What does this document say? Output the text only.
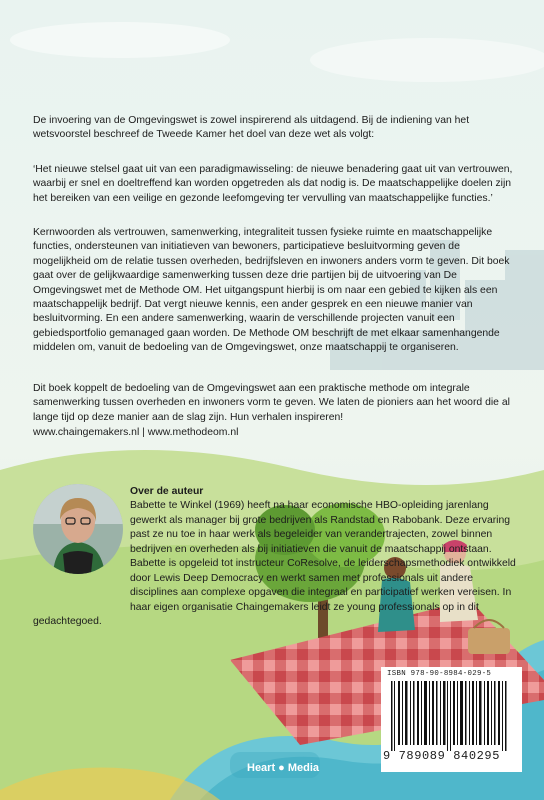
De invoering van de Omgevingswet is zowel inspirerend als uitdagend. Bij de indiening van het wetsvoorstel beschreef de Tweede Kamer het doel van deze wet als volgt:

‘Het nieuwe stelsel gaat uit van een paradigmawisseling: de nieuwe benadering gaat uit van vertrouwen, waarbij er snel en doeltreffend kan worden opgetreden als dat nodig is. De maatschappelijke doelen zijn het bereiken van een veilige en gezonde leefomgeving ter vervulling van maatschappelijke functies.’

Kernwoorden als vertrouwen, samenwerking, integraliteit tussen fysieke ruimte en maatschappelijke functies, ondersteunen van initiatieven van bewoners, participatieve besluitvorming geven de mogelijkheid om de relatie tussen overheden, bedrijfsleven en inwoners anders vorm te geven. Dit boek gaat over de gelijkwaardige samenwerking tussen deze drie partijen bij de uitvoering van De Omgevingswet met de Methode OM. Het uitgangspunt hierbij is om naar een gebied te kijken als een maatschappelijk bedrijf. Dat vergt nieuwe kennis, een ander gesprek en een nieuwe manier van besluitvorming. En een andere samenwerking, waarin de verschillende projecten vanuit een gebiedsportfolio gemanaged gaan worden. De Methode OM beschrijft de met elkaar samenhangende middelen om, vanuit de bedoeling van de Omgevingswet, onze maatschappij te organiseren.

Dit boek koppelt de bedoeling van de Omgevingswet aan een praktische methode om integrale samenwerking tussen overheden en inwoners vorm te geven. We laten de pioniers aan het woord die al lange tijd op deze manier aan de slag zijn. Hun verhalen inspireren!

www.chaingemakers.nl | www.methodeom.nl

Over de auteur

Babette te Winkel (1969) heeft na haar economische HBO-opleiding jarenlang gewerkt als manager bij grote bedrijven als Randstad en Rabobank. Deze ervaring past ze nu toe in haar werk als begeleider van verandertrajecten, zowel binnen bedrijven en overheden als bij initiatieven die vanuit de maatschappij ontstaan. Babette is opgeleid tot instructeur CoResolve, de leiderschapsmethodiek ontwikkeld door Lewis Deep Democracy en werkt samen met professionals uit andere disciplines aan complexe opgaven die integraal en participatief werken vereisen. In haar eigen organisatie Chaingemakers leidt ze young professionals op in dit gedachtegoed.

ISBN 978-90-8984-029-5
9 789089 840295
Heart ● Media
